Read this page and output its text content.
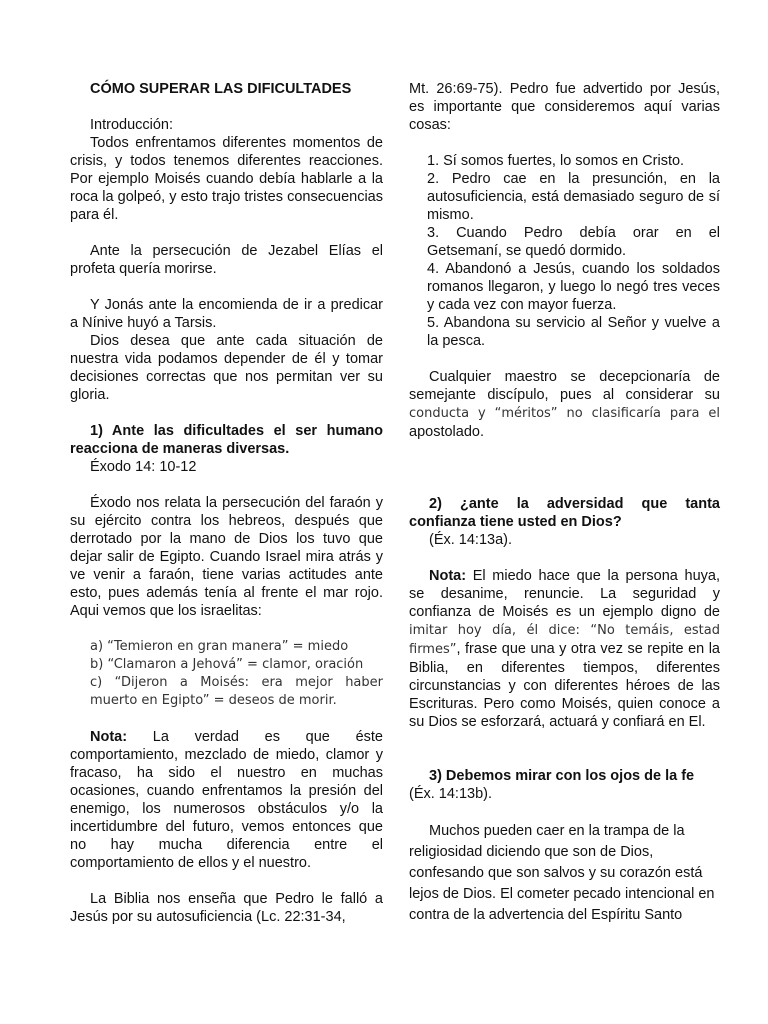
CÓMO SUPERAR LAS DIFICULTADES

Introducción:

Todos enfrentamos diferentes momentos de crisis, y todos tenemos diferentes reacciones. Por ejemplo Moisés cuando debía hablarle a la roca la golpeó, y esto trajo tristes consecuencias para él.

Ante la persecución de Jezabel Elías el profeta quería morirse.

Y Jonás ante la encomienda de ir a predicar a Nínive huyó a Tarsis.

Dios desea que ante cada situación de nuestra vida podamos depender de él y tomar decisiones correctas que nos permitan ver su gloria.

1) Ante las dificultades el ser humano reacciona de maneras diversas.

Éxodo 14: 10-12

Éxodo nos relata la persecución del faraón y su ejército contra los hebreos, después que derrotado por la mano de Dios los tuvo que dejar salir de Egipto. Cuando Israel mira atrás y ve venir a faraón, tiene varias actitudes ante esto, pues además tenía al frente el mar rojo. Aqui vemos que los israelitas:

a) “Temieron en gran manera” = miedo
b) “Clamaron a Jehová” = clamor, oración
c) “Dijeron a Moisés: era mejor haber muerto en Egipto” = deseos de morir.

Nota: La verdad es que éste comportamiento, mezclado de miedo, clamor y fracaso, ha sido el nuestro en muchas ocasiones, cuando enfrentamos la presión del enemigo, los numerosos obstáculos y/o la incertidumbre del futuro, vemos entonces que no hay mucha diferencia entre el comportamiento de ellos y el nuestro.

La Biblia nos enseña que Pedro le falló a Jesús por su autosuficiencia (Lc. 22:31-34,

Mt. 26:69-75). Pedro fue advertido por Jesús, es importante que consideremos aquí varias cosas:

1. Sí somos fuertes, lo somos en Cristo.
2. Pedro cae en la presunción, en la autosuficiencia, está demasiado seguro de sí mismo.
3. Cuando Pedro debía orar en el Getsemaní, se quedó dormido.
4. Abandonó a Jesús, cuando los soldados romanos llegaron, y luego lo negó tres veces y cada vez con mayor fuerza.
5. Abandona su servicio al Señor y vuelve a la pesca.

Cualquier maestro se decepcionaría de semejante discípulo, pues al considerar su conducta y “méritos” no clasificaría para el apostolado.

2) ¿ante la adversidad que tanta confianza tiene usted en Dios?

(Éx. 14:13a).

Nota: El miedo hace que la persona huya, se desanime, renuncie. La seguridad y confianza de Moisés es un ejemplo digno de imitar hoy día, él dice: “No temáis, estad firmes”, frase que una y otra vez se repite en la Biblia, en diferentes tiempos, diferentes circunstancias y con diferentes héroes de las Escrituras. Pero como Moisés, quien conoce a su Dios se esforzará, actuará y confiará en El.

3) Debemos mirar con los ojos de la fe

(Éx. 14:13b).

Muchos pueden caer en la trampa de la religiosidad diciendo que son de Dios, confesando que son salvos y su corazón está lejos de Dios. El cometer pecado intencional en contra de la advertencia del Espíritu Santo
